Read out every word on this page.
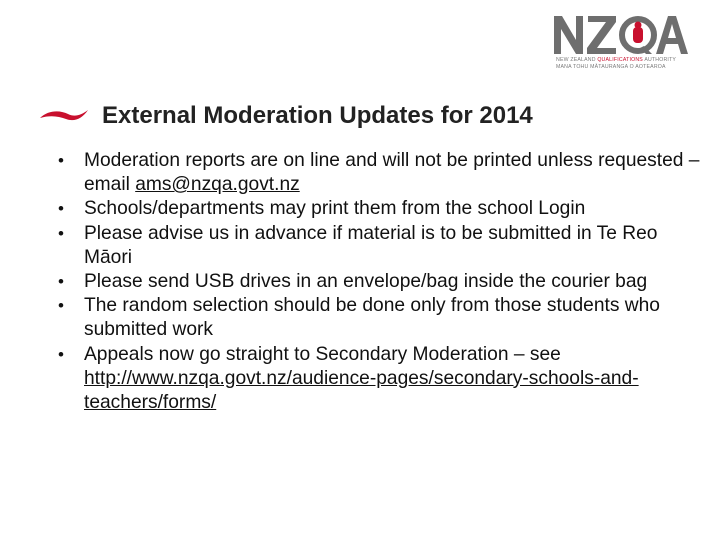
NEW ZEALAND QUALIFICATIONS AUTHORITY
MANA TOHU MĀTAURANGA O AOTEAROA
External Moderation Updates for 2014
•	Moderation reports are on line and will not be printed unless requested – email ams@nzqa.govt.nz
•	Schools/departments may print them from the school Login
•	Please advise us in advance if material is to be submitted in Te Reo Māori
•	Please send USB drives in an envelope/bag inside the courier bag
•	The random selection should be done only from those students who submitted work
•	Appeals now go straight to Secondary Moderation – see http://www.nzqa.govt.nz/audience-pages/secondary-schools-and-teachers/forms/
